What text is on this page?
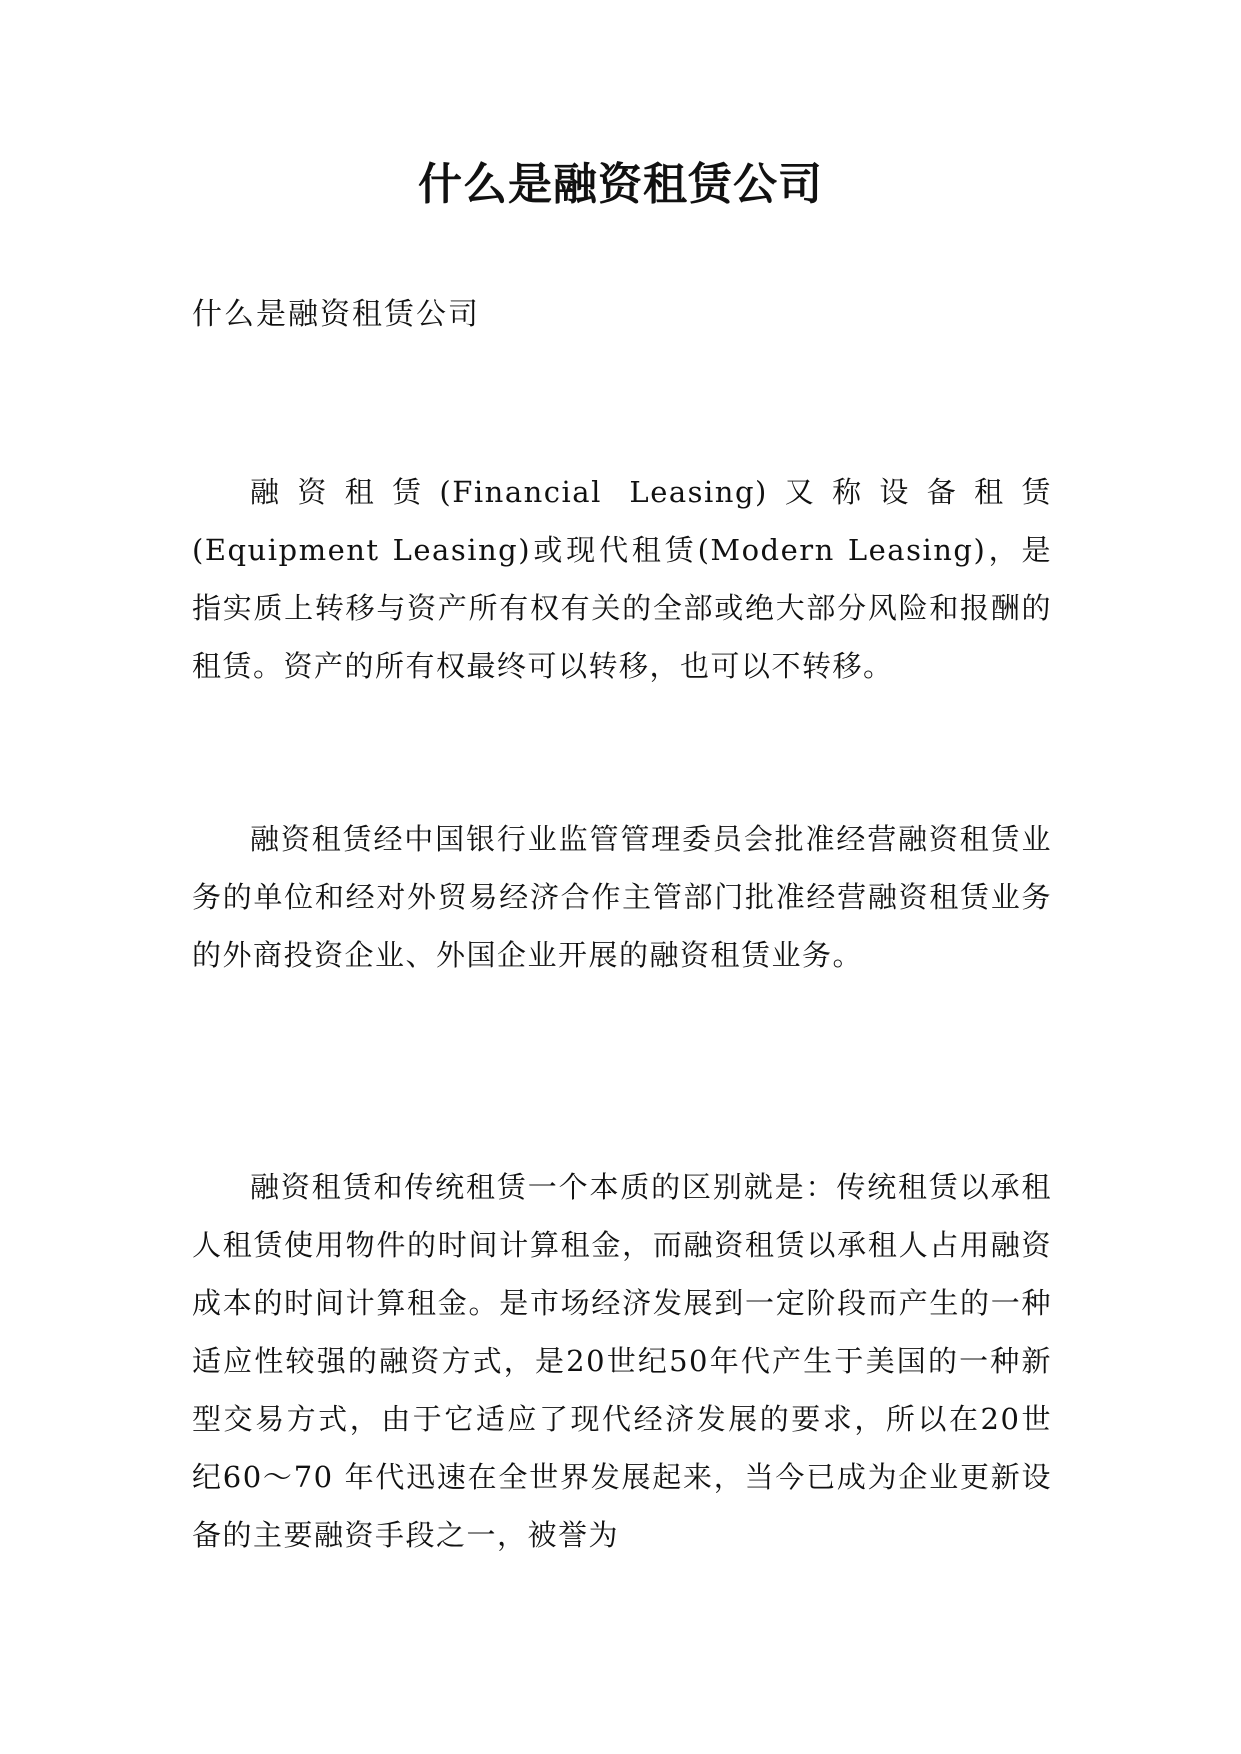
什么是融资租赁公司
什么是融资租赁公司

融资租赁(Financial Leasing)又称设备租赁(Equipment Leasing)或现代租赁(Modern Leasing)，是指实质上转移与资产所有权有关的全部或绝大部分风险和报酬的租赁。资产的所有权最终可以转移，也可以不转移。

融资租赁经中国银行业监管管理委员会批准经营融资租赁业务的单位和经对外贸易经济合作主管部门批准经营融资租赁业务的外商投资企业、外国企业开展的融资租赁业务。

融资租赁和传统租赁一个本质的区别就是：传统租赁以承租人租赁使用物件的时间计算租金，而融资租赁以承租人占用融资成本的时间计算租金。是市场经济发展到一定阶段而产生的一种适应性较强的融资方式，是20世纪50年代产生于美国的一种新型交易方式，由于它适应了现代经济发展的要求，所以在20世纪60～70 年代迅速在全世界发展起来，当今已成为企业更新设备的主要融资手段之一，被誉为
